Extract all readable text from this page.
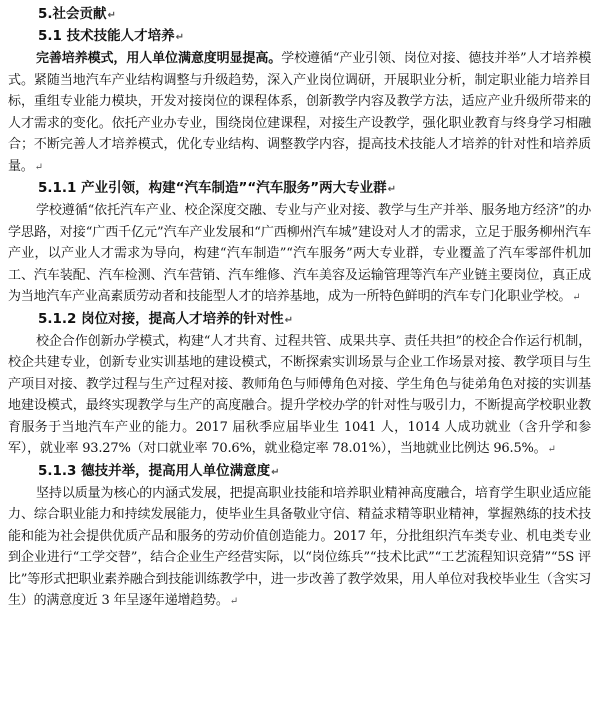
5.社会贡献↵
5.1 技术技能人才培养↵

完善培养模式，用人单位满意度明显提高。学校遵循“产业引领、岗位对接、德技并举”人才培养模式。紧随当地汽车产业结构调整与升级趋势，深入产业岗位调研，开展职业分析，制定职业能力培养目标，重组专业能力模块，开发对接岗位的课程体系，创新教学内容及教学方法，适应产业升级所带来的人才需求的变化。依托产业办专业，围绕岗位建课程，对接生产设教学，强化职业教育与终身学习相融合；不断完善人才培养模式，优化专业结构、调整教学内容，提高技术技能人才培养的针对性和培养质量。↵

5.1.1 产业引领，构建“汽车制造”“汽车服务”两大专业群↵

学校遵循“依托汽车产业、校企深度交融、专业与产业对接、教学与生产并举、服务地方经济”的办学思路，对接“广西千亿元”汽车产业发展和“广西柳州汽车城”建设对人才的需求，立足于服务柳州汽车产业，以产业人才需求为导向，构建“汽车制造”“汽车服务”两大专业群，专业覆盖了汽车零部件机加工、汽车装配、汽车检测、汽车营销、汽车维修、汽车美容及运输管理等汽车产业链主要岗位，真正成为当地汽车产业高素质劳动者和技能型人才的培养基地，成为一所特色鲜明的汽车专门化职业学校。↵

5.1.2 岗位对接，提高人才培养的针对性↵

校企合作创新办学模式，构建“人才共育、过程共管、成果共享、责任共担”的校企合作运行机制，校企共建专业，创新专业实训基地的建设模式，不断探索实训场景与企业工作场景对接、教学项目与生产项目对接、教学过程与生产过程对接、教师角色与师傅角色对接、学生角色与徒弟角色对接的实训基地建设模式，最终实现教学与生产的高度融合。提升学校办学的针对性与吸引力，不断提高学校职业教育服务于当地汽车产业的能力。2017 届秋季应届毕业生 1041 人，1014 人成功就业（含升学和参军），就业率 93.27%（对口就业率 70.6%，就业稳定率 78.01%），当地就业比例达 96.5%。↵

5.1.3 德技并举，提高用人单位满意度↵

坚持以质量为核心的内涵式发展，把提高职业技能和培养职业精神高度融合，培育学生职业适应能力、综合职业能力和持续发展能力，使毕业生具备敬业守信、精益求精等职业精神，掌握熟练的技术技能和能为社会提供优质产品和服务的劳动价值创造能力。2017 年，分批组织汽车类专业、机电类专业到企业进行“工学交替”，结合企业生产经营实际，以“岗位练兵”“技术比武”“工艺流程知识竞猜”“5S 评比”等形式把职业素养融合到技能训练教学中，进一步改善了教学效果，用人单位对我校毕业生（含实习生）的满意度近 3 年呈逐年递增趋势。↵
